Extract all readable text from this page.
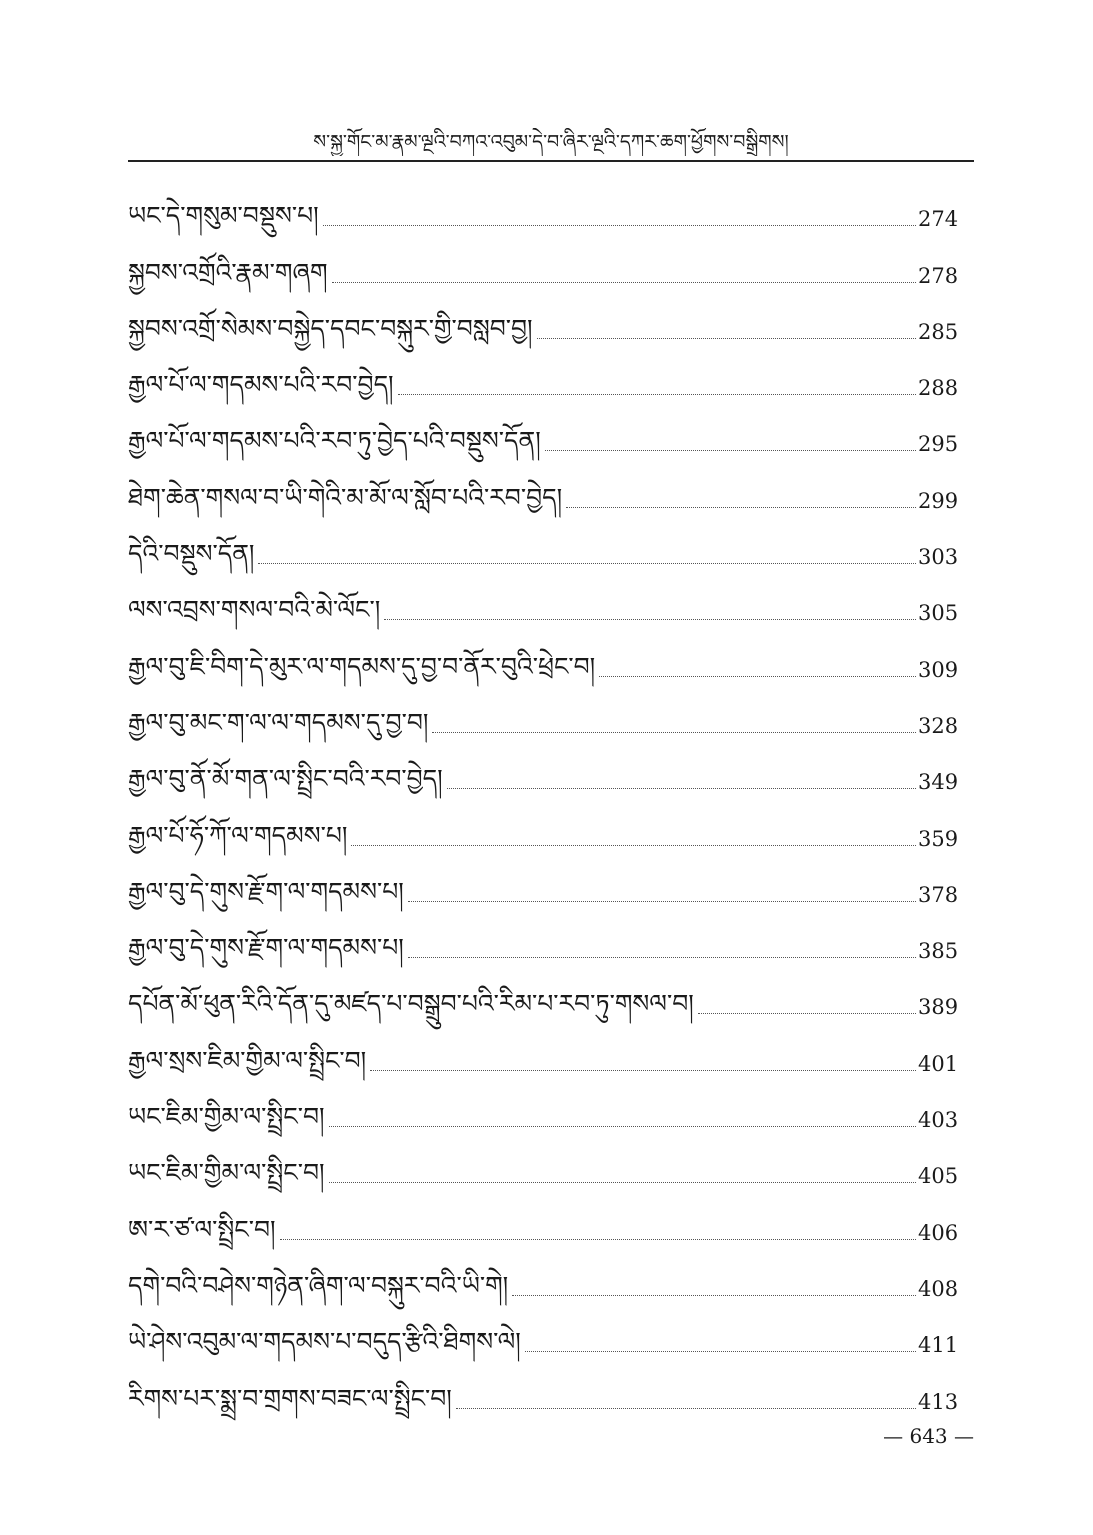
ས་སྐྱ་གོང་མ་རྣམ་ལྔའི་བཀའ་འབུམ་དེ་བ་ཞིར་ལྔའི་དཀར་ཆག་ཕྱོགས་བསྒྲིགས།
ཡང་དེ་གསུམ་བསྡུས་པ།	274
སྐྱབས་འགྲོའི་རྣམ་གཞག	278
སྐྱབས་འགྲོ་སེམས་བསྐྱེད་དབང་བསྐུར་གྱི་བསླབ་བྱ།	285
རྒྱལ་པོ་ལ་གདམས་པའི་རབ་བྱེད།	288
རྒྱལ་པོ་ལ་གདམས་པའི་རབ་ཏུ་བྱེད་པའི་བསྡུས་དོན།	295
ཐེག་ཆེན་གསལ་བ་ཡི་གེའི་མ་མོ་ལ་སློབ་པའི་རབ་བྱེད།	299
དེའི་བསྡུས་དོན།	303
ལས་འབྲས་གསལ་བའི་མེ་ལོང་།	305
རྒྱལ་བུ་ཇི་བིག་དེ་མུར་ལ་གདམས་དུ་བྱ་བ་ནོར་བུའི་ཕྲེང་བ།	309
རྒྱལ་བུ་མང་ག་ལ་ལ་གདམས་དུ་བྱ་བ།	328
རྒྱལ་བུ་ནོ་མོ་གན་ལ་སྤྲིང་བའི་རབ་བྱེད།	349
རྒྱལ་པོ་ཧོ་ཀོ་ལ་གདམས་པ།	359
རྒྱལ་བུ་དེ་གུས་རྗོ་ག་ལ་གདམས་པ།	378
རྒྱལ་བུ་དེ་གུས་རྗོ་ག་ལ་གདམས་པ།	385
དཔོན་མོ་ཕུན་རིའི་དོན་དུ་མཛད་པ་བསྒྲུབ་པའི་རིམ་པ་རབ་ཏུ་གསལ་བ།	389
རྒྱལ་སྲས་ཇིམ་གྱིམ་ལ་སྤྲིང་བ།	401
ཡང་ཇིམ་གྱིམ་ལ་སྤྲིང་བ།	403
ཡང་ཇིམ་གྱིམ་ལ་སྤྲིང་བ།	405
ཨ་ར་ཙ་ལ་སྤྲིང་བ།	406
དགེ་བའི་བཤེས་གཉེན་ཞིག་ལ་བསྐུར་བའི་ཡི་གེ།	408
ཡེ་ཤེས་འབུམ་ལ་གདམས་པ་བདུད་རྩིའི་ཐིགས་ལེ།	411
རིགས་པར་སྨྲ་བ་གྲགས་བཟང་ལ་སྤྲིང་བ།	413
— 643 —
